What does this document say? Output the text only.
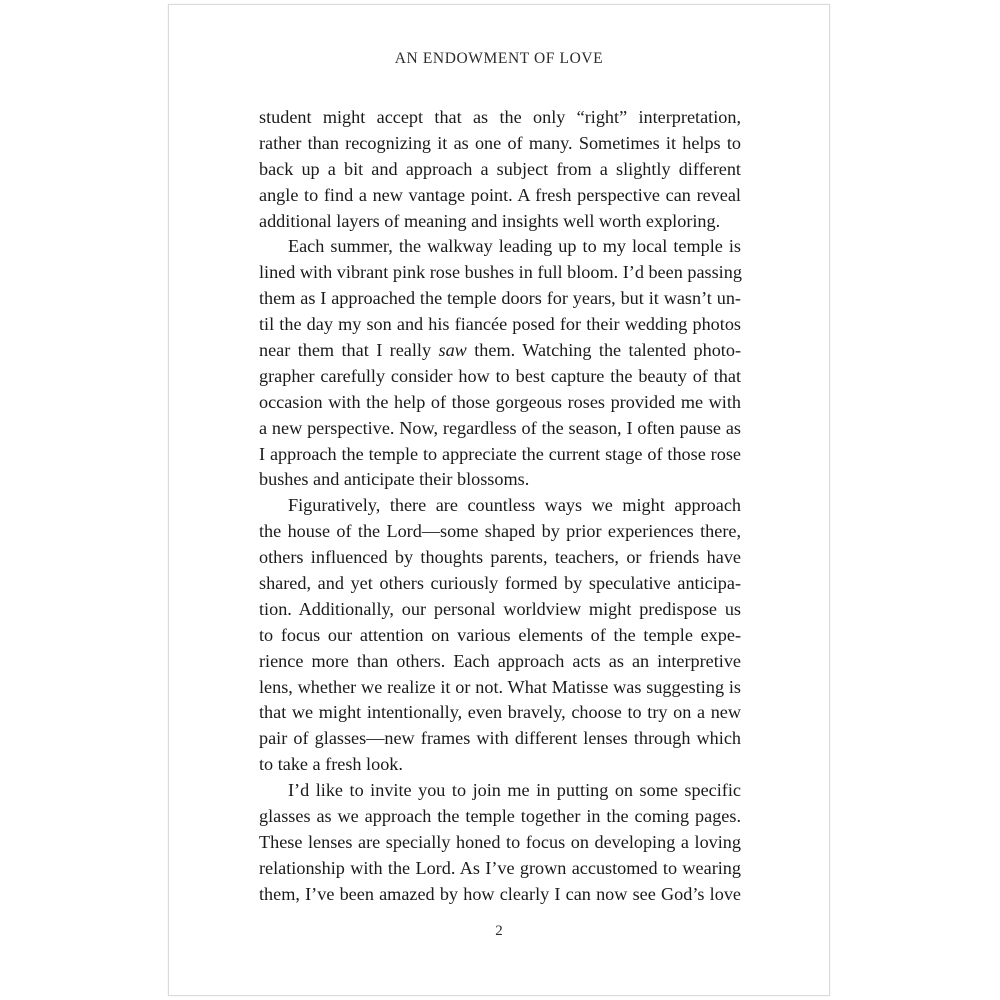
AN ENDOWMENT OF LOVE
student might accept that as the only “right” interpretation,
rather than recognizing it as one of many. Sometimes it helps to
back up a bit and approach a subject from a slightly different
angle to find a new vantage point. A fresh perspective can reveal
additional layers of meaning and insights well worth exploring.
Each summer, the walkway leading up to my local temple is
lined with vibrant pink rose bushes in full bloom. I’d been passing
them as I approached the temple doors for years, but it wasn’t un-
til the day my son and his fiancée posed for their wedding photos
near them that I really saw them. Watching the talented photo-
grapher carefully consider how to best capture the beauty of that
occasion with the help of those gorgeous roses provided me with
a new perspective. Now, regardless of the season, I often pause as
I approach the temple to appreciate the current stage of those rose
bushes and anticipate their blossoms.
Figuratively, there are countless ways we might approach
the house of the Lord—some shaped by prior experiences there,
others influenced by thoughts parents, teachers, or friends have
shared, and yet others curiously formed by speculative anticipa-
tion. Additionally, our personal worldview might predispose us
to focus our attention on various elements of the temple expe-
rience more than others. Each approach acts as an interpretive
lens, whether we realize it or not. What Matisse was suggesting is
that we might intentionally, even bravely, choose to try on a new
pair of glasses—new frames with different lenses through which
to take a fresh look.
I’d like to invite you to join me in putting on some specific
glasses as we approach the temple together in the coming pages.
These lenses are specially honed to focus on developing a loving
relationship with the Lord. As I’ve grown accustomed to wearing
them, I’ve been amazed by how clearly I can now see God’s love
2
